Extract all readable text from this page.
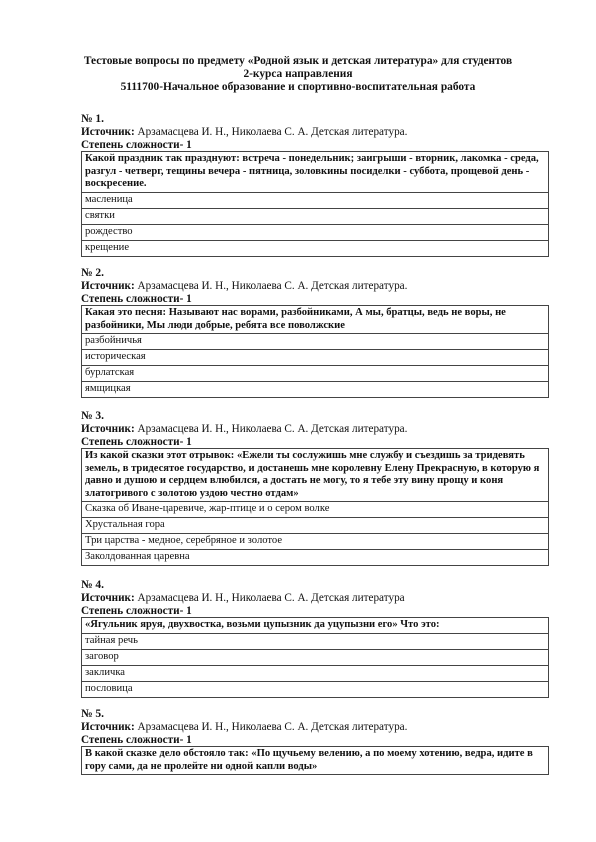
Тестовые вопросы по предмету «Родной язык и детская литература» для студентов
2-курса направления
5111700-Начальное образование и спортивно-воспитательная работа

№ 1.

Источник: Арзамасцева И. Н., Николаева С. А. Детская литература.

Степень сложности- 1

Какой праздник так празднуют: встреча - понедельник; заигрыши - вторник, лакомка - среда, разгул - четверг, тещины вечера - пятница, золовкины посиделки - суббота, прощевой день - воскресение.
масленица
святки
рождество
крещение

№ 2.

Источник: Арзамасцева И. Н., Николаева С. А. Детская литература.

Степень сложности- 1

Какая это песня: Называют нас ворами, разбойниками, А мы, братцы, ведь не воры, не разбойники, Мы люди добрые, ребята все поволжские
разбойничья
историческая
бурлатская
ямщицкая

№ 3.

Источник: Арзамасцева И. Н., Николаева С. А. Детская литература.

Степень сложности- 1

Из какой сказки этот отрывок: «Ежели ты сослужишь мне службу и съездишь за тридевять земель, в тридесятое государство, и достанешь мне королевну Елену Прекрасную, в которую я давно и душою и сердцем влюбился, а достать не могу, то я тебе эту вину прощу и коня златогривого с золотою уздою честно отдам»
Сказка об Иване-царевиче, жар-птице и о сером волке
Хрустальная гора
Три царства - медное, серебряное и золотое
Заколдованная царевна

№ 4.

Источник: Арзамасцева И. Н., Николаева С. А. Детская литература

Степень сложности- 1

«Ягульник яруя, двухвостка, возьми цупызник да уцупызни его» Что это:
тайная речь
заговор
закличка
пословица

№ 5.

Источник: Арзамасцева И. Н., Николаева С. А. Детская литература.

Степень сложности- 1

В какой сказке дело обстояло так: «По щучьему велению, а по моему хотению, ведра, идите в гору сами, да не пролейте ни одной капли воды»
